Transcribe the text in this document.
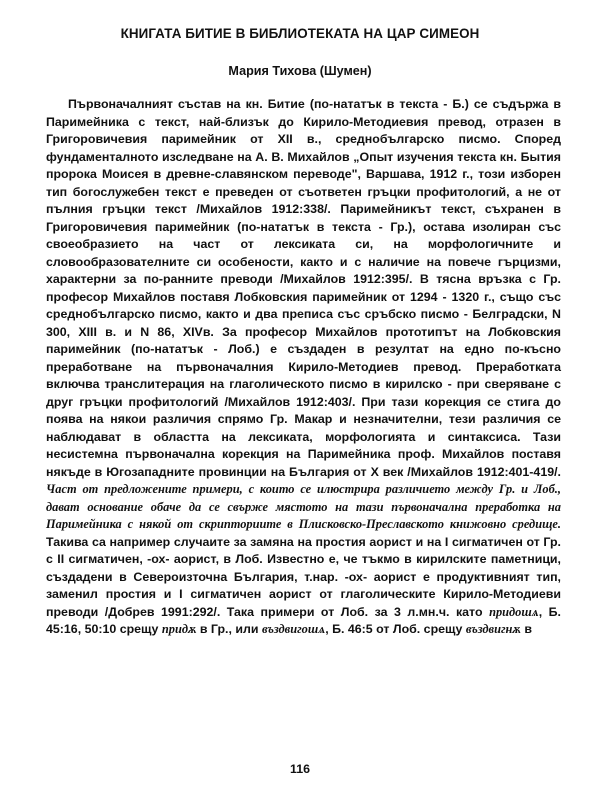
КНИГАТА БИТИЕ В БИБЛИОТЕКАТА НА ЦАР СИМЕОН
Мария Тихова (Шумен)

Първоначалният състав на кн. Битие (по-нататък в текста - Б.) се съдържа в Паримейника с текст, най-близък до Кирило-Методиевия превод, отразен в Григоровичевия паримейник от XII в., среднобългарско писмо. Според фундаменталното изследване на А. В. Михайлов „Опыт изучения текста кн. Бытия пророка Моисея в древне-славянском переводе", Варшава, 1912 г., този изборен тип богослужебен текст е преведен от съответен гръцки профитологий, а не от пълния гръцки текст /Михайлов 1912:338/. Паримейникът текст, съхранен в Григоровичевия паримейник (по-нататък в текста - Гр.), остава изолиран със своеобразието на част от лексиката си, на морфологичните и словообразователните си особености, както и с наличие на повече гърцизми, характерни за по-ранните преводи /Михайлов 1912:395/. В тясна връзка с Гр. професор Михайлов поставя Лобковския паримейник от 1294 - 1320 г., също със среднобългарско писмо, както и два преписа със сръбско писмо - Белградски, N 300, XIII в. и N 86, XIVв. За професор Михайлов прототипът на Лобковския паримейник (по-нататък - Лоб.) е създаден в резултат на едно по-късно преработване на първоначалния Кирило-Методиев превод. Преработката включва транслитерация на глаголическото писмо в кирилско - при сверяване с друг гръцки профитологий /Михайлов 1912:403/. При тази корекция се стига до поява на някои различия спрямо Гр. Макар и незначителни, тези различия се наблюдават в областта на лексиката, морфологията и синтаксиса. Тази несистемна първоначална корекция на Паримейника проф. Михайлов поставя някъде в Югозападните провинции на България от X век /Михайлов 1912:401-419/. Част от предложените примери, с които се илюстрира различието между Гр. и Лоб., дават основание обаче да се свърже мястото на тази първоначална преработка на Паримейника с някой от скрипториите в Плисковско-Преславското книжовно средище. Такива са например случаите за замяна на простия аорист и на I сигматичен от Гр. с II сигматичен, -ох- аорист, в Лоб. Известно е, че тъкмо в кирилските паметници, създадени в Североизточна България, т.нар. -ох- аорист е продуктивният тип, заменил простия и I сигматичен аорист от глаголическите Кирило-Методиеви преводи /Добрев 1991:292/. Така примери от Лоб. за 3 л.мн.ч. като придошѧ, Б. 45:16, 50:10 срещу придѫ в Гр., или въздвигошѧ, Б. 46:5 от Лоб. срещу въздвигнѫ в

116
